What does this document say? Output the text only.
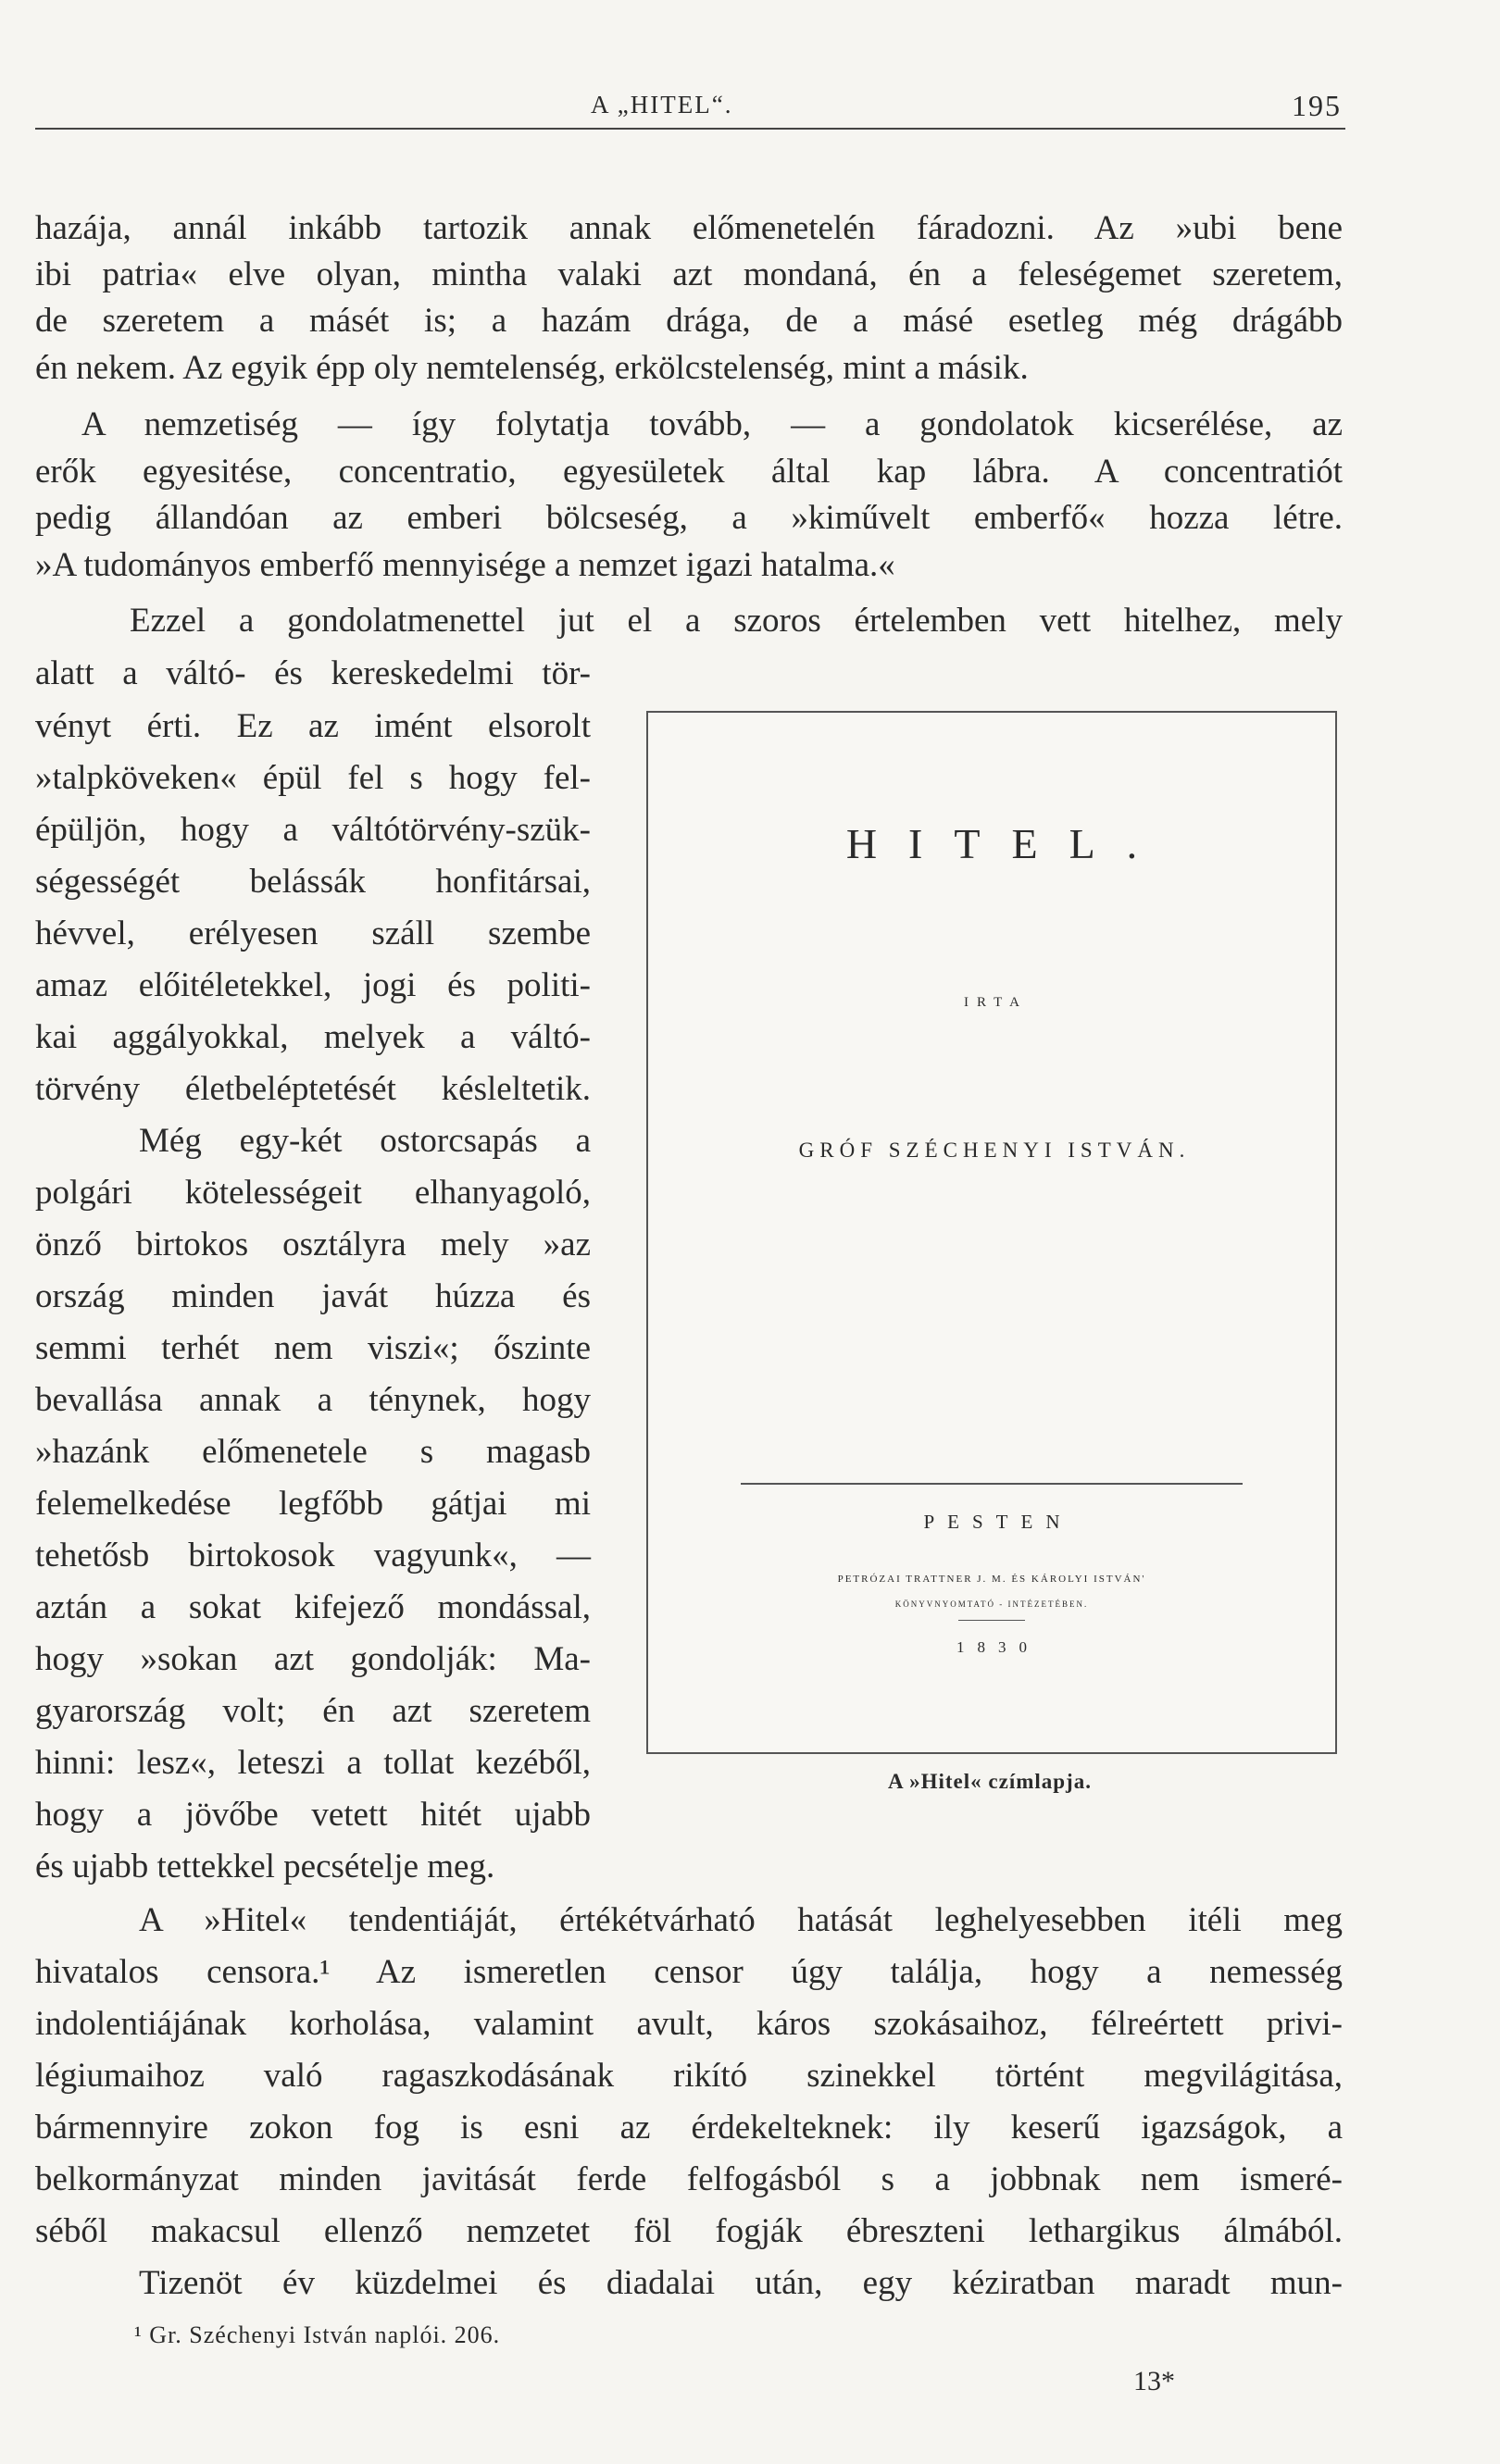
A „HITEL“.	195
hazája, annál inkább tartozik annak előmenetelén fáradozni. Az »ubi bene
ibi patria« elve olyan, mintha valaki azt mondaná, én a feleségemet szeretem,
de szeretem a másét is; a hazám drága, de a másé esetleg még drágább
én nekem. Az egyik épp oly nemtelenség, erkölcstelenség, mint a másik.
A nemzetiség — így folytatja tovább, — a gondolatok kicserélése, az
erők egyesitése, concentratio, egyesületek által kap lábra. A concentratiót
pedig állandóan az emberi bölcseség, a »kiművelt emberfő« hozza létre.
»A tudományos emberfő mennyisége a nemzet igazi hatalma.«
Ezzel a gondolatmenettel jut el a szoros értelemben vett hitelhez, mely
alatt a váltó- és kereskedelmi tör-
vényt érti. Ez az imént elsorolt
»talpköveken« épül fel s hogy fel-
épüljön, hogy a váltótörvény-szük-
ségességét belássák honfitársai,
hévvel, erélyesen száll szembe
amaz előitéletekkel, jogi és politi-
kai aggályokkal, melyek a váltó-
törvény életbeléptetését késleltetik.
Még egy-két ostorcsapás a
polgári kötelességeit elhanyagoló,
önző birtokos osztályra mely »az
ország minden javát húzza és
semmi terhét nem viszi«; őszinte
bevallása annak a ténynek, hogy
»hazánk előmenetele s magasb
felemelkedése legfőbb gátjai mi
tehetősb birtokosok vagyunk«, —
aztán a sokat kifejező mondással,
hogy »sokan azt gondolják: Ma-
gyarország volt; én azt szeretem
hinni: lesz«, leteszi a tollat kezéből,
hogy a jövőbe vetett hitét ujabb
és ujabb tettekkel pecsételje meg.
HITEL.
IRTA
GRÓF SZÉCHENYI ISTVÁN.
PESTEN
PETRÓZAI TRATTNER J. M. ÉS KÁROLYI ISTVÁN'
KÖNYVNYOMTATÓ - INTÉZETÉBEN.
1830
A »Hitel« czímlapja.
A »Hitel« tendentiáját, értékétvárható hatását leghelyesebben itéli meg
hivatalos censora.¹ Az ismeretlen censor úgy találja, hogy a nemesség
indolentiájának korholása, valamint avult, káros szokásaihoz, félreértett privi-
légiumaihoz való ragaszkodásának rikító szinekkel történt megvilágitása,
bármennyire zokon fog is esni az érdekelteknek: ily keserű igazságok, a
belkormányzat minden javitását ferde felfogásból s a jobbnak nem ismeré-
séből makacsul ellenző nemzetet föl fogják ébreszteni lethargikus álmából.
Tizenöt év küzdelmei és diadalai után, egy kéziratban maradt mun-
¹ Gr. Széchenyi István naplói. 206.
13*
